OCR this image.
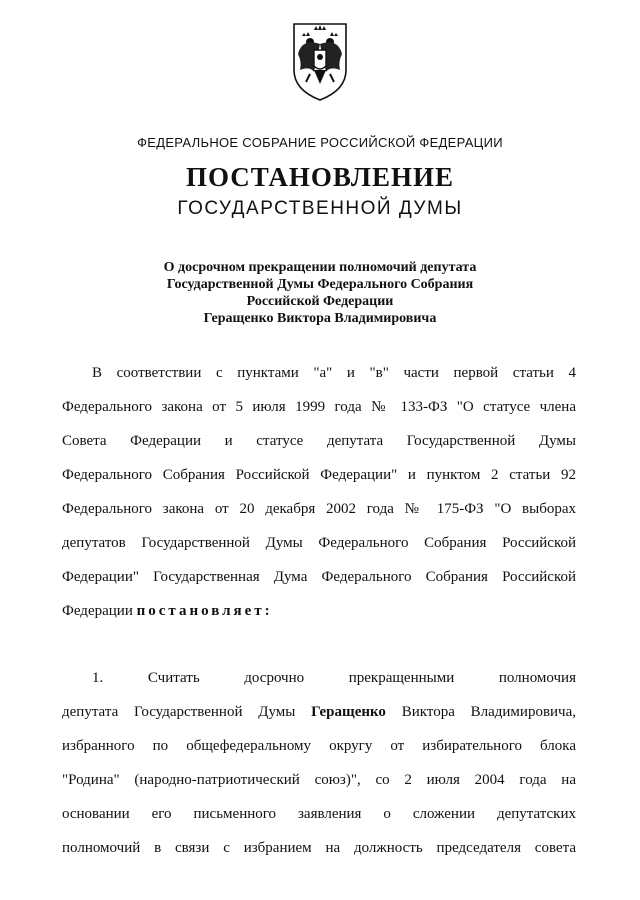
ФЕДЕРАЛЬНОЕ СОБРАНИЕ РОССИЙСКОЙ ФЕДЕРАЦИИ
ПОСТАНОВЛЕНИЕ
ГОСУДАРСТВЕННОЙ ДУМЫ
О досрочном прекращении полномочий депутата
Государственной Думы Федерального Собрания
Российской Федерации
Геращенко Виктора Владимировича
В соответствии с пунктами "а" и "в" части первой статьи 4
Федерального закона от 5 июля 1999 года № 133-ФЗ "О статусе члена
Совета Федерации и статусе депутата Государственной Думы
Федерального Собрания Российской Федерации" и пунктом 2 статьи 92
Федерального закона от 20 декабря 2002 года № 175-ФЗ "О выборах
депутатов Государственной Думы Федерального Собрания Российской
Федерации" Государственная Дума Федерального Собрания Российской
Федерации постановляет:
1. Считать досрочно прекращенными полномочия
депутата Государственной Думы Геращенко Виктора Владимировича,
избранного по общефедеральному округу от избирательного блока
"Родина" (народно-патриотический союз)", со 2 июля 2004 года на
основании его письменного заявления о сложении депутатских
полномочий в связи с избранием на должность председателя совета
